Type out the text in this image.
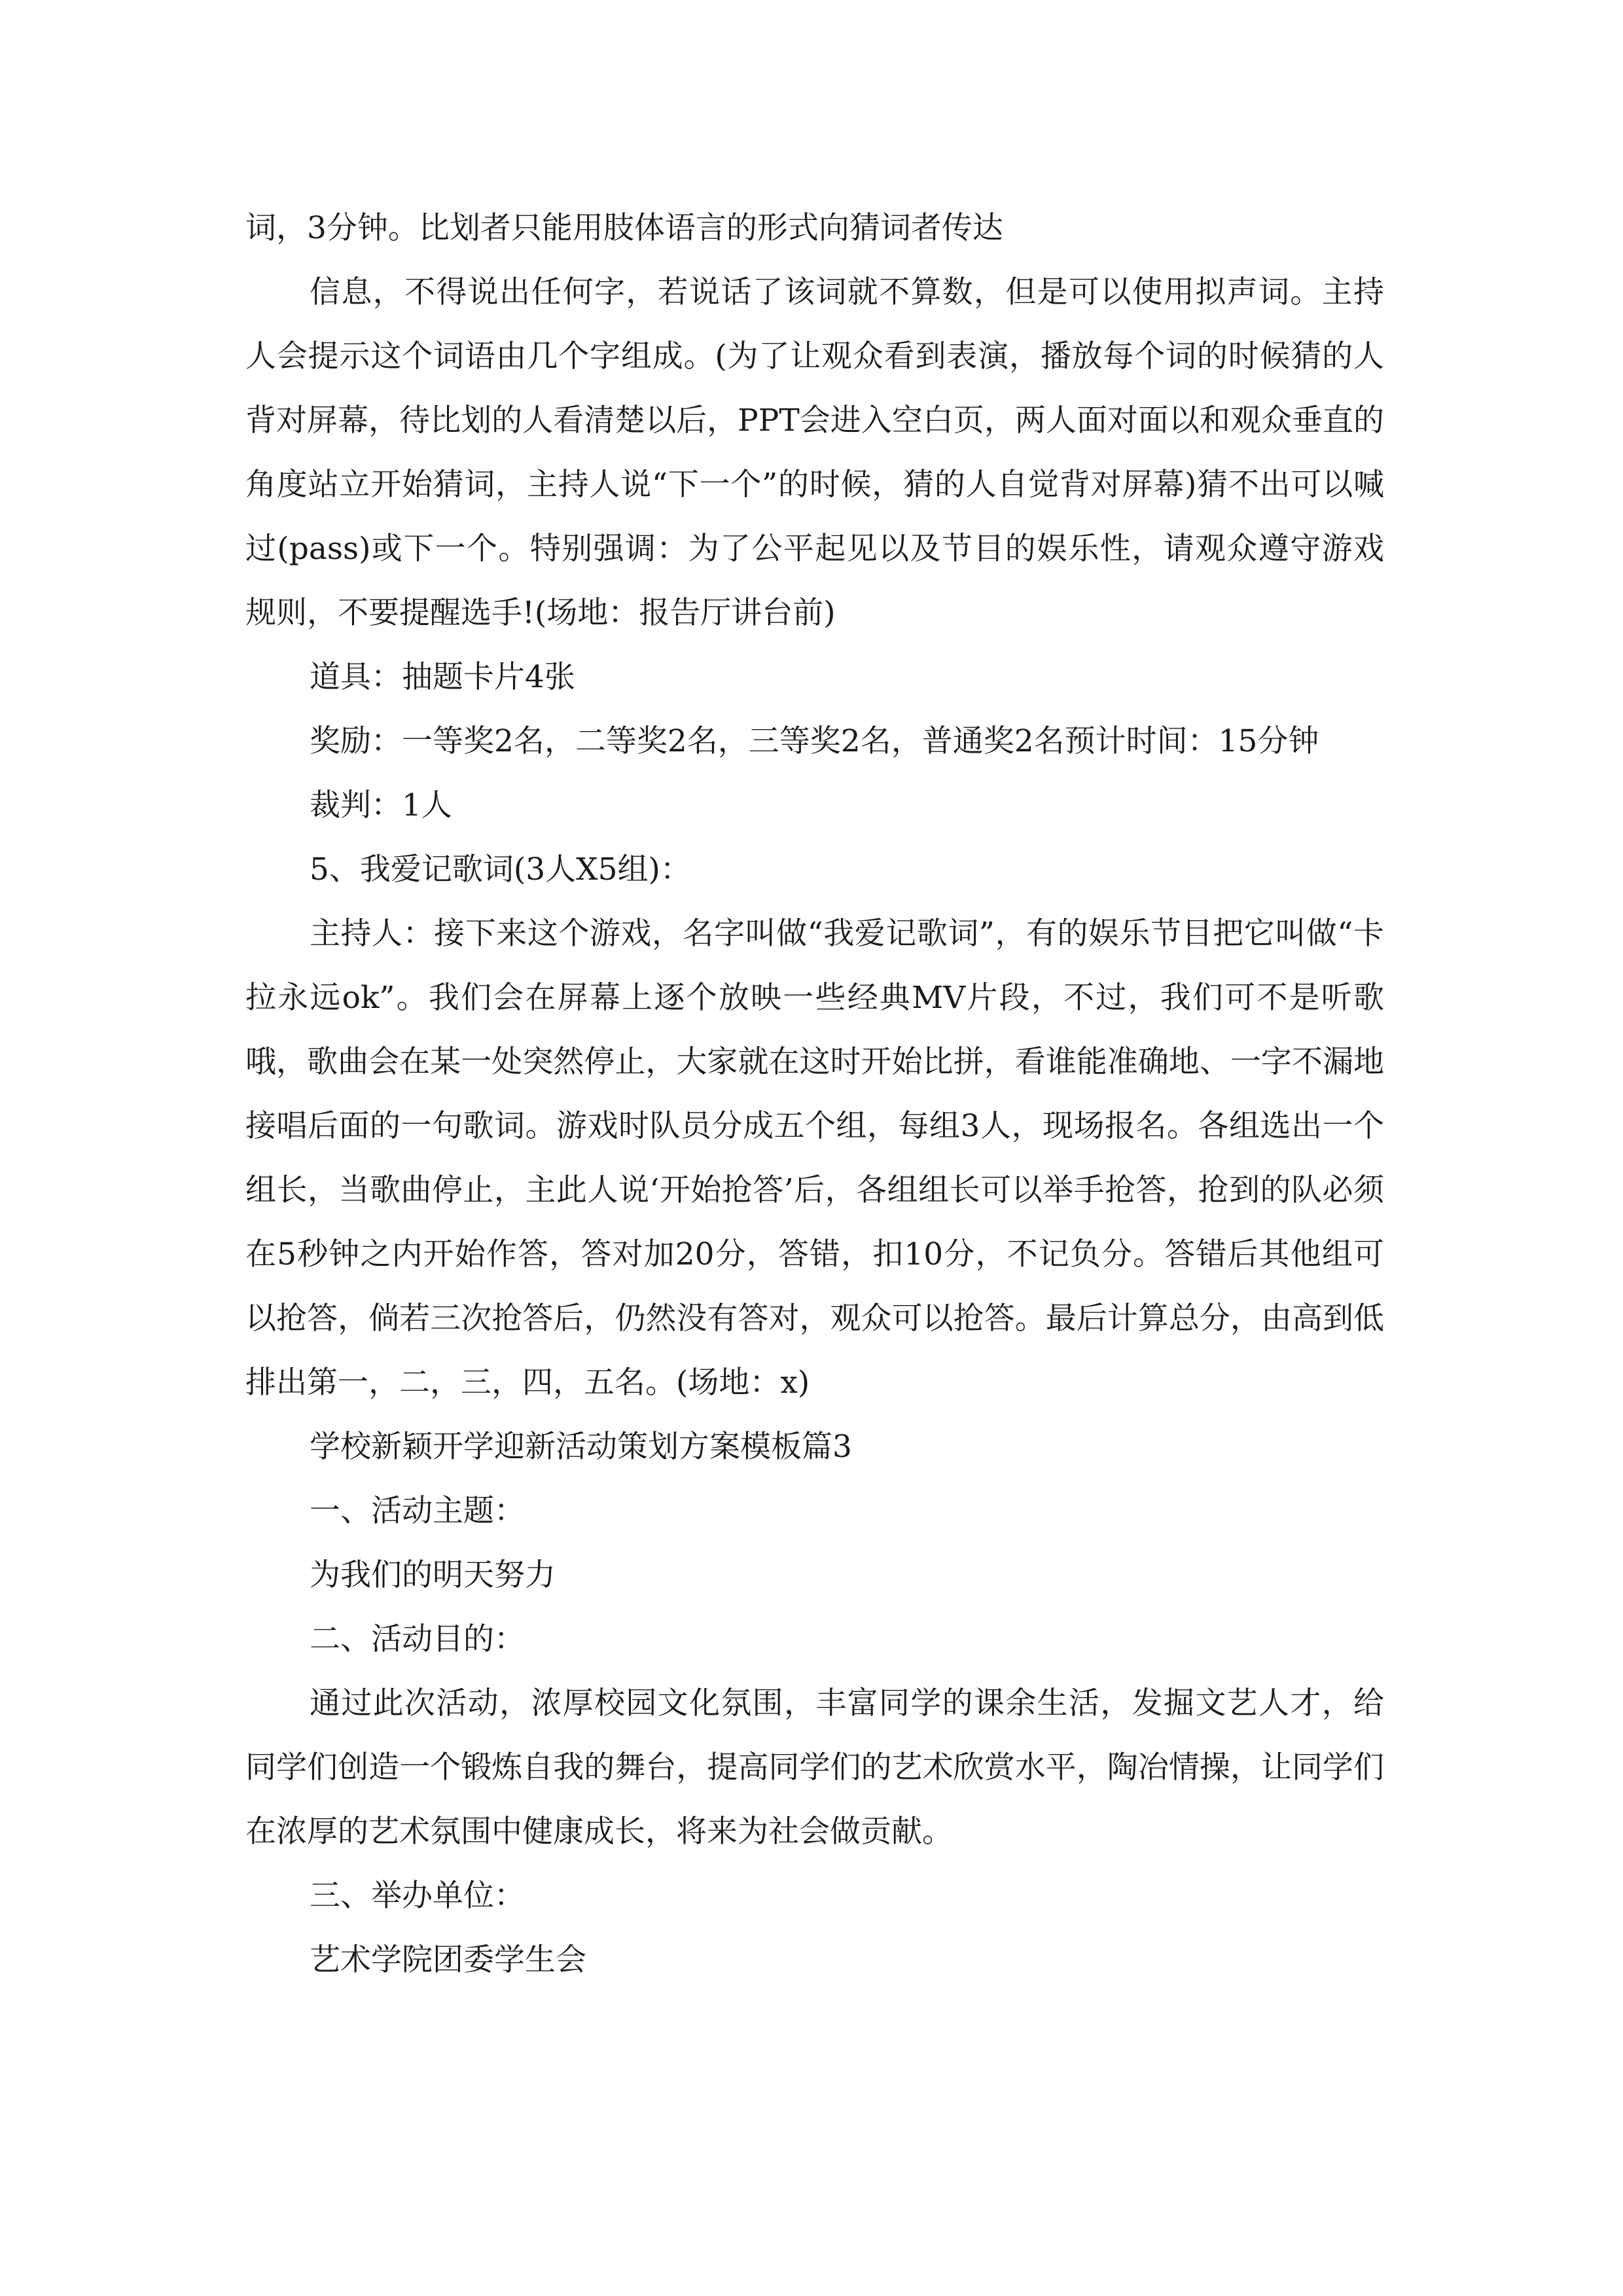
词，3分钟。比划者只能用肢体语言的形式向猜词者传达

信息，不得说出任何字，若说话了该词就不算数，但是可以使用拟声词。主持人会提示这个词语由几个字组成。(为了让观众看到表演，播放每个词的时候猜的人背对屏幕，待比划的人看清楚以后，PPT会进入空白页，两人面对面以和观众垂直的角度站立开始猜词，主持人说“下一个”的时候，猜的人自觉背对屏幕)猜不出可以喊过(pass)或下一个。特别强调：为了公平起见以及节目的娱乐性，请观众遵守游戏规则，不要提醒选手!(场地：报告厅讲台前)

道具：抽题卡片4张

奖励：一等奖2名，二等奖2名，三等奖2名，普通奖2名预计时间：15分钟

裁判：1人

5、我爱记歌词(3人X5组)：

主持人：接下来这个游戏，名字叫做“我爱记歌词”，有的娱乐节目把它叫做“卡拉永远ok”。我们会在屏幕上逐个放映一些经典MV片段，不过，我们可不是听歌哦，歌曲会在某一处突然停止，大家就在这时开始比拼，看谁能准确地、一字不漏地接唱后面的一句歌词。游戏时队员分成五个组，每组3人，现场报名。各组选出一个组长，当歌曲停止，主此人说‘开始抢答’后，各组组长可以举手抢答，抢到的队必须在5秒钟之内开始作答，答对加20分，答错，扣10分，不记负分。答错后其他组可以抢答，倘若三次抢答后，仍然没有答对，观众可以抢答。最后计算总分，由高到低排出第一，二，三，四，五名。(场地：x)

学校新颖开学迎新活动策划方案模板篇3

一、活动主题：

为我们的明天努力

二、活动目的：

通过此次活动，浓厚校园文化氛围，丰富同学的课余生活，发掘文艺人才，给同学们创造一个锻炼自我的舞台，提高同学们的艺术欣赏水平，陶冶情操，让同学们在浓厚的艺术氛围中健康成长，将来为社会做贡献。

三、举办单位：

艺术学院团委学生会
